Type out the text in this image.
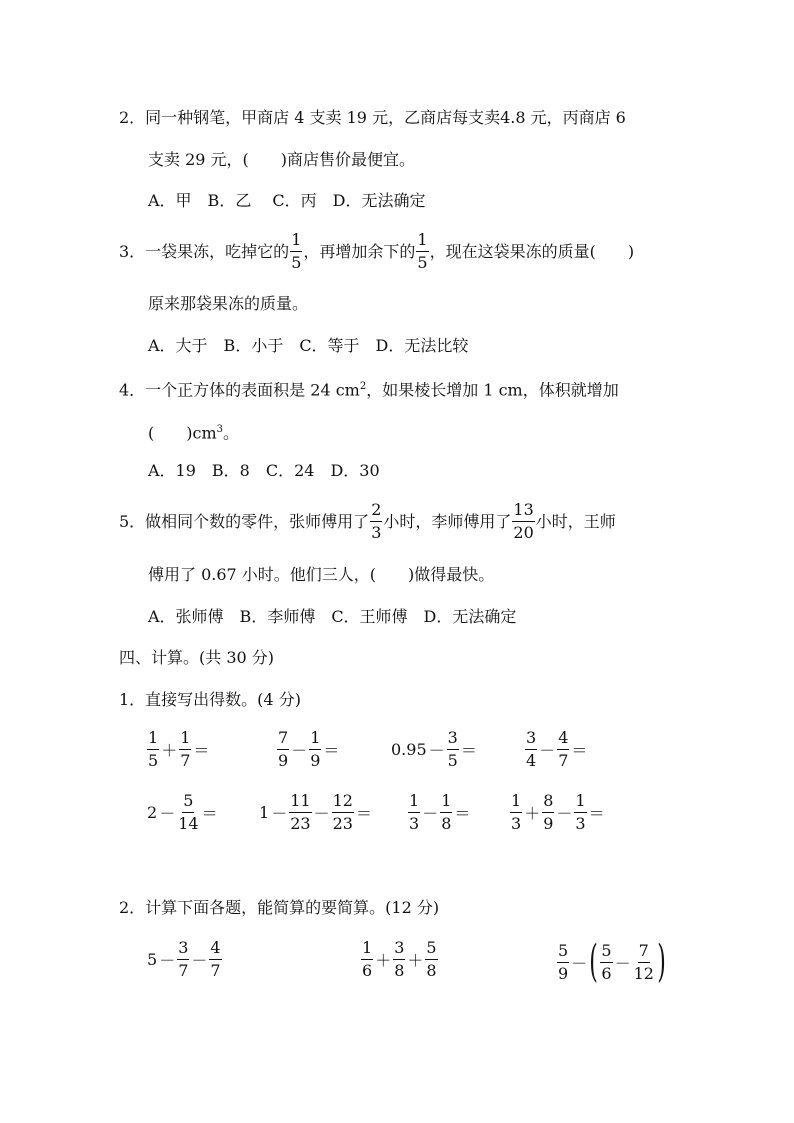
2．同一种钢笔，甲商店 4 支卖 19 元，乙商店每支卖4.8 元，丙商店 6
支卖 29 元，(　　)商店售价最便宜。
A．甲　B．乙　 C．丙　D．无法确定
3．一袋果冻，吃掉它的
1
5
，再增加余下的
1
5
，现在这袋果冻的质量(　　)
原来那袋果冻的质量。
A．大于　B．小于　C．等于　D．无法比较
4．一个正方体的表面积是 24 $cm^2$，如果棱长增加 1 cm，体积就增加
(　　)$cm^3$。
A．19　B．8　C．24　D．30
5．做相同个数的零件，张师傅用了
2
3
小时，李师傅用了
13
20
小时，王师
傅用了 0.67 小时。他们三人，(　　)做得最快。
A．张师傅　B．李师傅　C．王师傅　D．无法确定
四、计算。(共 30 分)
1．直接写出得数。(4 分)
1
5
＋
1
7
＝
7
9
－
1
9
＝	0.95 －
3
5
＝
3
4
－
4
7
＝
2 －
5
14
＝	1 －
11
23
－
12
23
＝
1
3
－
1
8
＝
1
3
＋
8
9
－
1
3
＝
2．计算下面各题，能简算的要简算。(12 分)
5 －
3
7
－
4
7
1
6
＋
3
8
＋
5
8
5
9
－ ( 5
6
－
7
12 )
